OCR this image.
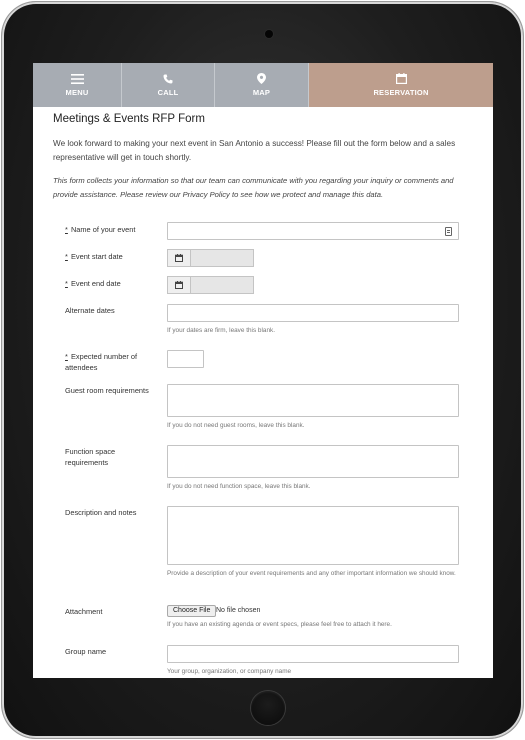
MENU	CALL	MAP	RESERVATION
Meetings & Events RFP Form

We look forward to making your next event in San Antonio a success! Please fill out the form below and a sales representative will get in touch shortly.

This form collects your information so that our team can communicate with you regarding your inquiry or comments and provide assistance. Please review our Privacy Policy to see how we protect and manage this data.

* Name of your event
* Event start date
* Event end date
Alternate dates
If your dates are firm, leave this blank.
* Expected number of attendees
Guest room requirements
If you do not need guest rooms, leave this blank.
Function space requirements
If you do not need function space, leave this blank.
Description and notes
Provide a description of your event requirements and any other important information we should know.
Attachment	Choose File No file chosen
If you have an existing agenda or event specs, please feel free to attach it here.
Group name
Your group, organization, or company name
